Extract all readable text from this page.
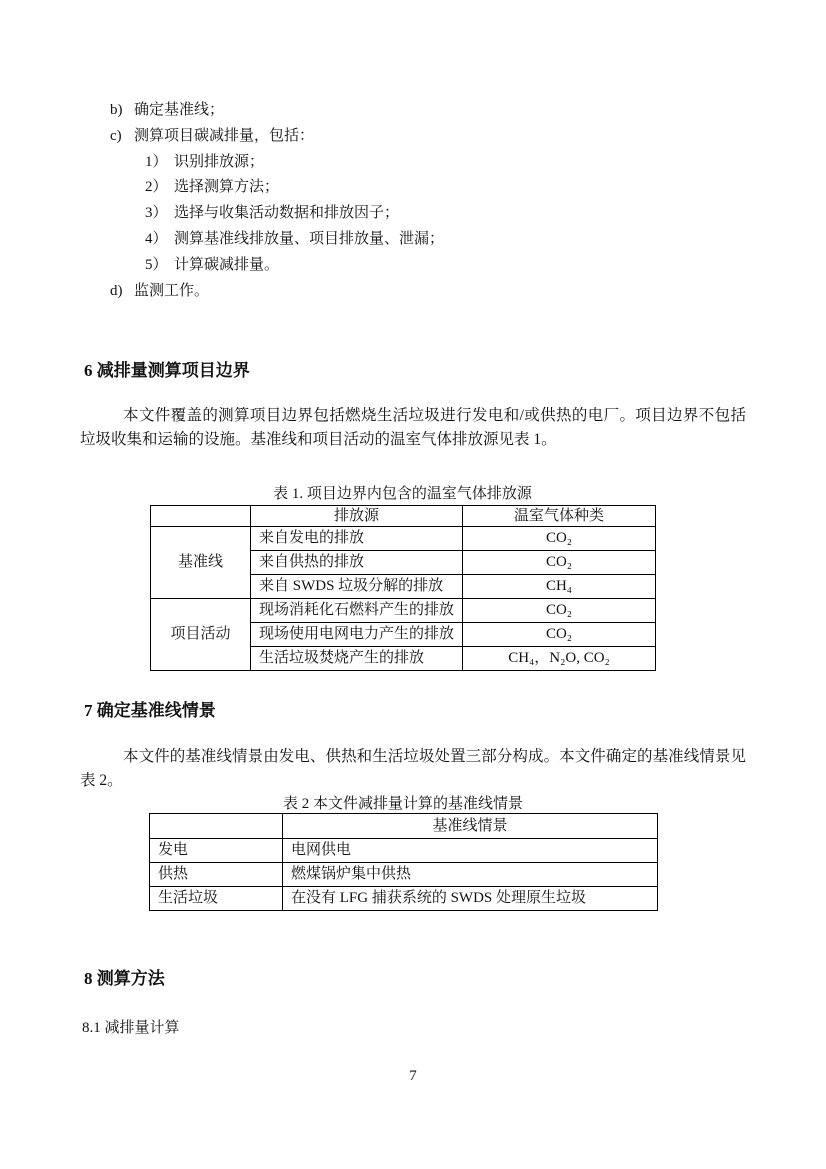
b) 确定基准线；
c) 测算项目碳减排量，包括：
1） 识别排放源；
2） 选择测算方法；
3） 选择与收集活动数据和排放因子；
4） 测算基准线排放量、项目排放量、泄漏；
5） 计算碳减排量。
d) 监测工作。
6 减排量测算项目边界
本文件覆盖的测算项目边界包括燃烧生活垃圾进行发电和/或供热的电厂。项目边界不包括垃圾收集和运输的设施。基准线和项目活动的温室气体排放源见表 1。
表 1. 项目边界内包含的温室气体排放源
	排放源	温室气体种类
基准线	来自发电的排放	CO₂
	来自供热的排放	CO₂
	来自 SWDS 垃圾分解的排放	CH₄
项目活动	现场消耗化石燃料产生的排放	CO₂
	现场使用电网电力产生的排放	CO₂
	生活垃圾焚烧产生的排放	CH₄，N₂O, CO₂
7 确定基准线情景
本文件的基准线情景由发电、供热和生活垃圾处置三部分构成。本文件确定的基准线情景见表 2。
表 2 本文件减排量计算的基准线情景
	基准线情景
发电	电网供电
供热	燃煤锅炉集中供热
生活垃圾	在没有 LFG 捕获系统的 SWDS 处理原生垃圾
8 测算方法
8.1 减排量计算
7
